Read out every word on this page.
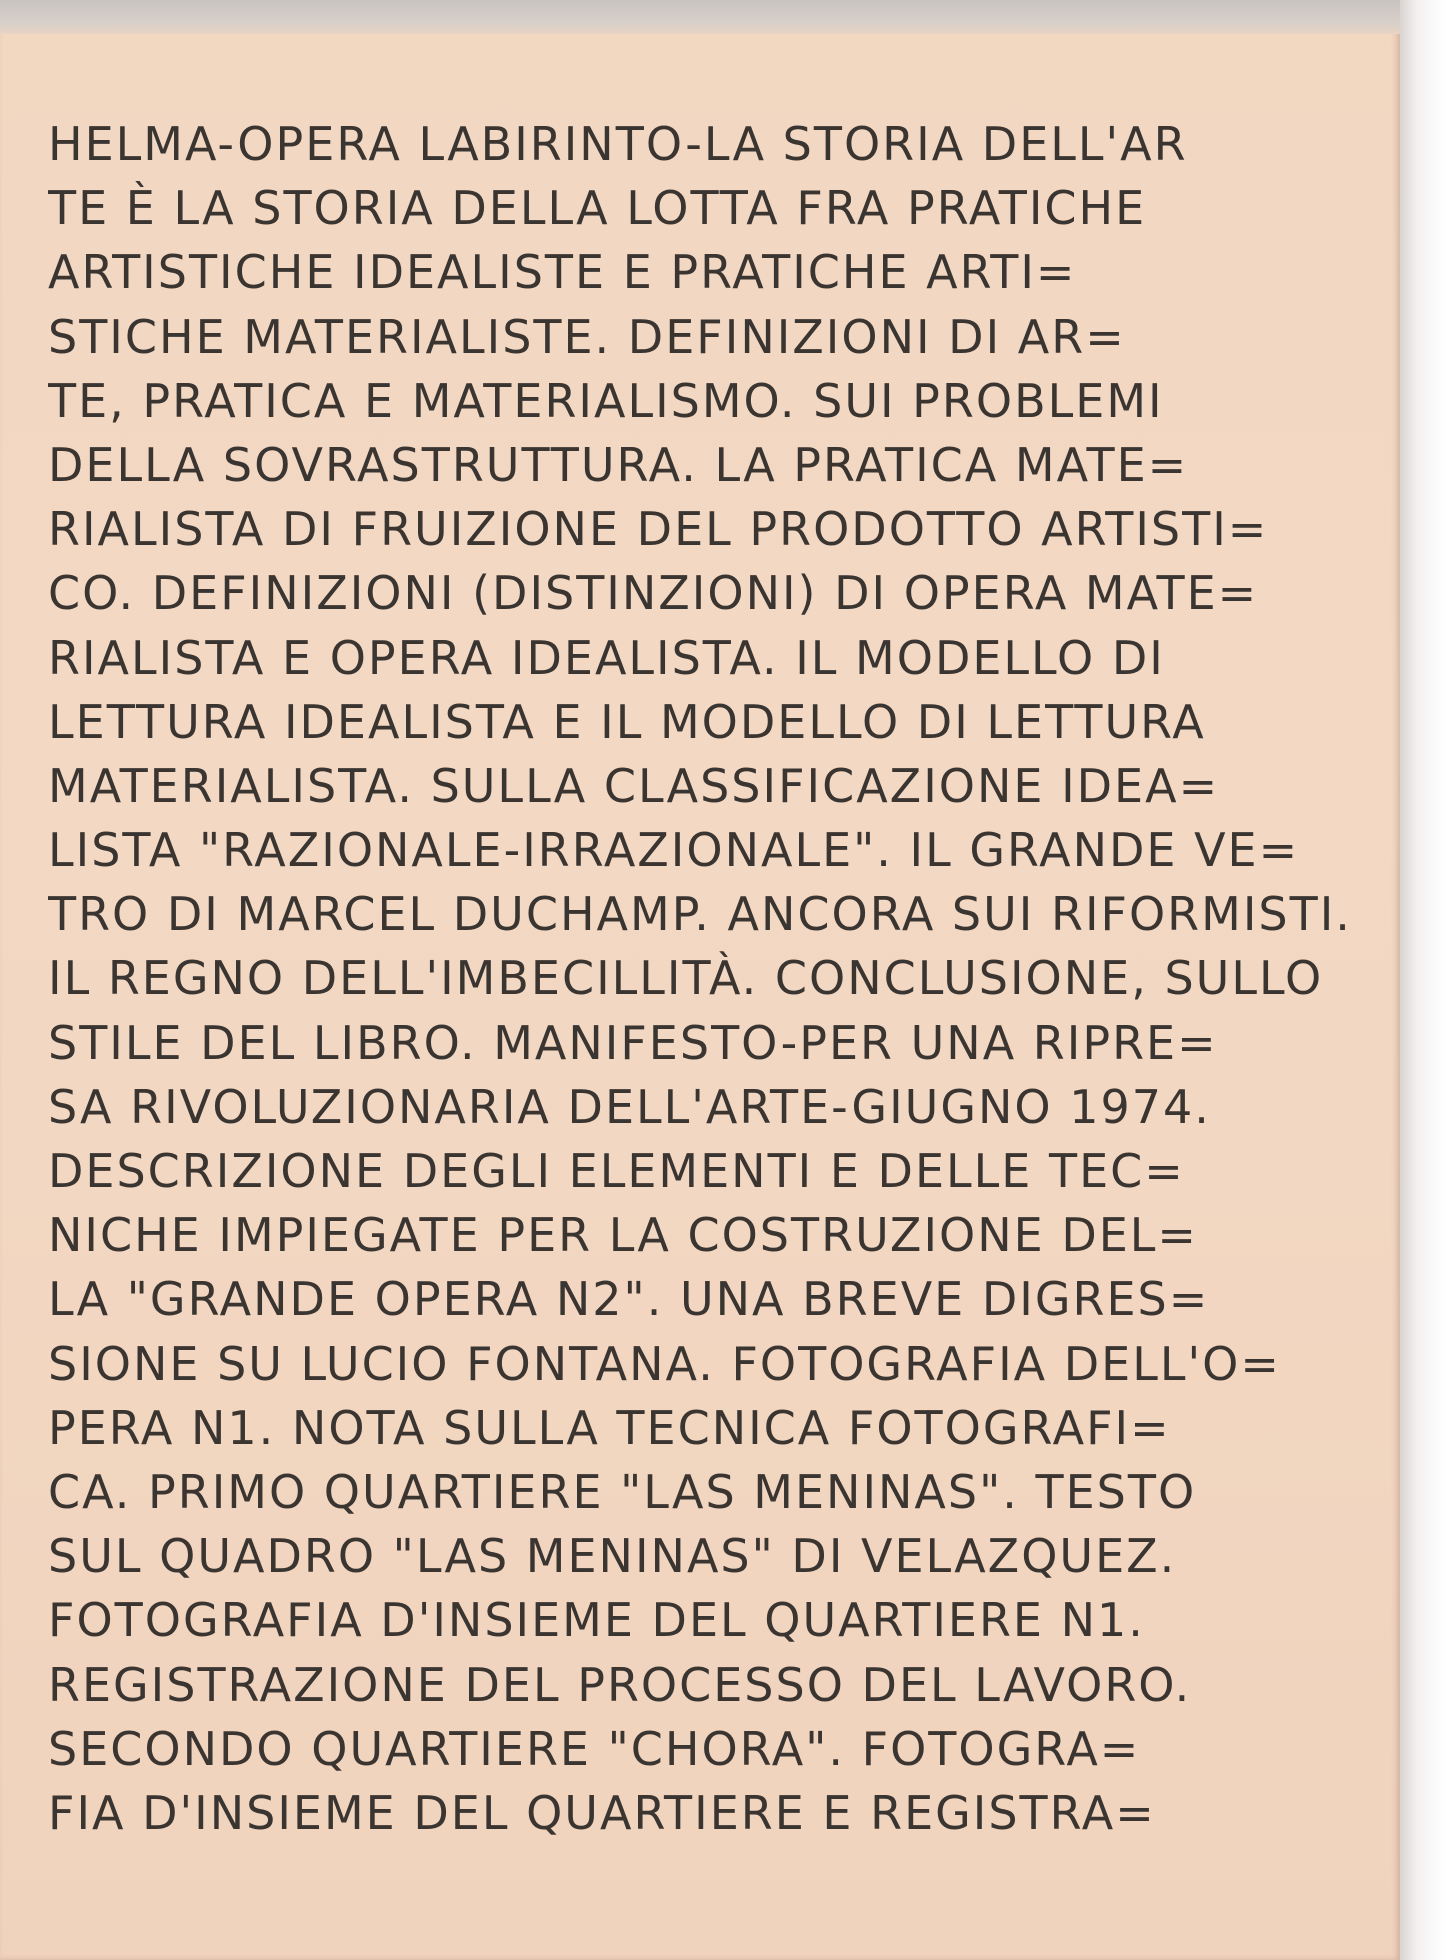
HELMA-OPERA LABIRINTO-LA STORIA DELL'AR
TE È LA STORIA DELLA LOTTA FRA PRATICHE
ARTISTICHE IDEALISTE E PRATICHE ARTI=
STICHE MATERIALISTE. DEFINIZIONI DI AR=
TE, PRATICA E MATERIALISMO. SUI PROBLEMI
DELLA SOVRASTRUTTURA. LA PRATICA MATE=
RIALISTA DI FRUIZIONE DEL PRODOTTO ARTISTI=
CO. DEFINIZIONI (DISTINZIONI) DI OPERA MATE=
RIALISTA E OPERA IDEALISTA. IL MODELLO DI
LETTURA IDEALISTA E IL MODELLO DI LETTURA
MATERIALISTA. SULLA CLASSIFICAZIONE IDEA=
LISTA "RAZIONALE-IRRAZIONALE". IL GRANDE VE=
TRO DI MARCEL DUCHAMP. ANCORA SUI RIFORMISTI.
IL REGNO DELL'IMBECILLITÀ. CONCLUSIONE, SULLO
STILE DEL LIBRO. MANIFESTO-PER UNA RIPRE=
SA RIVOLUZIONARIA DELL'ARTE-GIUGNO 1974.
DESCRIZIONE DEGLI ELEMENTI E DELLE TEC=
NICHE IMPIEGATE PER LA COSTRUZIONE DEL=
LA "GRANDE OPERA N2". UNA BREVE DIGRES=
SIONE SU LUCIO FONTANA. FOTOGRAFIA DELL'O=
PERA N1. NOTA SULLA TECNICA FOTOGRAFI=
CA. PRIMO QUARTIERE "LAS MENINAS". TESTO
SUL QUADRO "LAS MENINAS" DI VELAZQUEZ.
FOTOGRAFIA D'INSIEME DEL QUARTIERE N1.
REGISTRAZIONE DEL PROCESSO DEL LAVORO.
SECONDO QUARTIERE "CHORA". FOTOGRA=
FIA D'INSIEME DEL QUARTIERE E REGISTRA=
